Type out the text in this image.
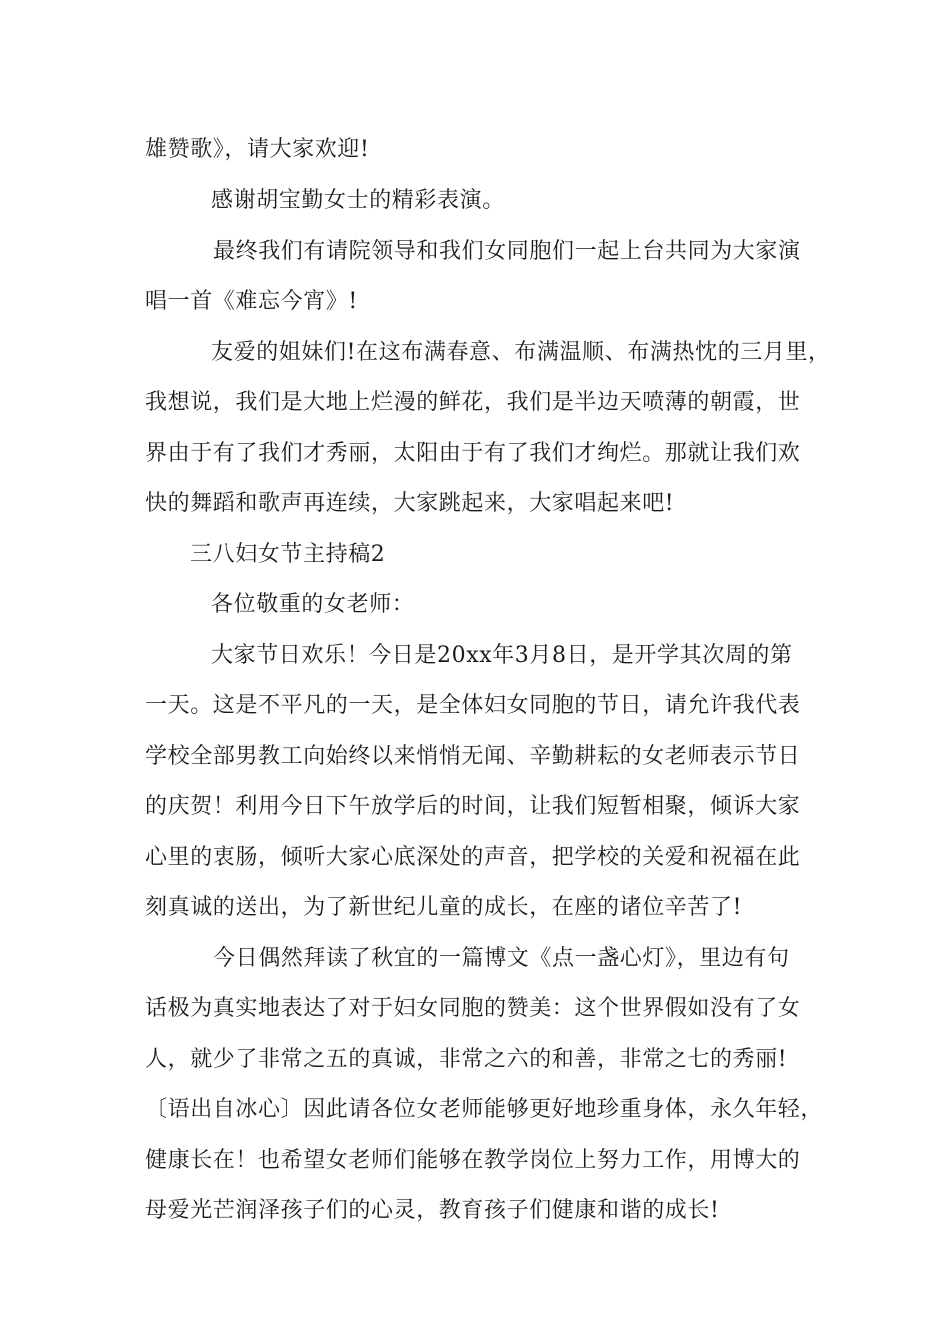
雄赞歌》，请大家欢迎!
感谢胡宝勤女士的精彩表演。
最终我们有请院领导和我们女同胞们一起上台共同为大家演
唱一首《难忘今宵》!
友爱的姐妹们!在这布满春意、布满温顺、布满热忱的三月里，
我想说，我们是大地上烂漫的鲜花，我们是半边天喷薄的朝霞，世
界由于有了我们才秀丽，太阳由于有了我们才绚烂。那就让我们欢
快的舞蹈和歌声再连续，大家跳起来，大家唱起来吧!
三八妇女节主持稿2
各位敬重的女老师：
大家节日欢乐！今日是20xx年3月8日，是开学其次周的第
一天。这是不平凡的一天，是全体妇女同胞的节日，请允许我代表
学校全部男教工向始终以来悄悄无闻、辛勤耕耘的女老师表示节日
的庆贺！利用今日下午放学后的时间，让我们短暂相聚，倾诉大家
心里的衷肠，倾听大家心底深处的声音，把学校的关爱和祝福在此
刻真诚的送出，为了新世纪儿童的成长，在座的诸位辛苦了!
今日偶然拜读了秋宜的一篇博文《点一盏心灯》，里边有句
话极为真实地表达了对于妇女同胞的赞美：这个世界假如没有了女
人，就少了非常之五的真诚，非常之六的和善，非常之七的秀丽!
〔语出自冰心〕因此请各位女老师能够更好地珍重身体，永久年轻，
健康长在！也希望女老师们能够在教学岗位上努力工作，用博大的
母爱光芒润泽孩子们的心灵，教育孩子们健康和谐的成长!
